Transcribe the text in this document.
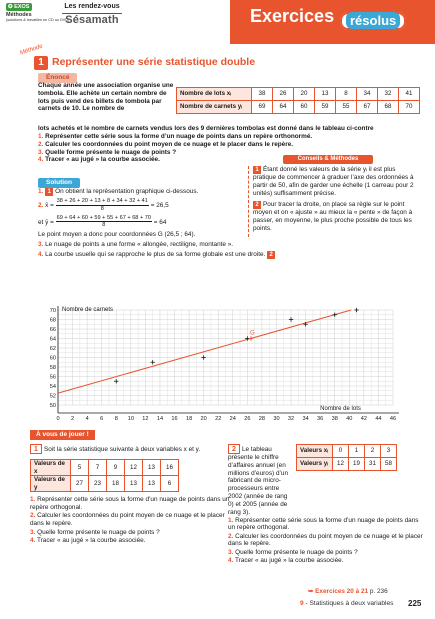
✪ EXOS
Méthodes
(solutions & travailles en CD ou DVD)
Les rendez-vous
Sésamath	Exercices	résolus
Méthode
1 Représenter une série statistique double
Énoncé
Chaque année une association organise une tombola. Elle achète un certain nombre de lots puis vend des billets de tombola par carnets de 10. Le nombre de
Nombre de lots xᵢ	38	26	20	13	8	34	32	41
Nombre de carnets yᵢ	69	64	60	59	55	67	68	70
lots achetés et le nombre de carnets vendus lors des 9 dernières tombolas est donné dans le tableau ci-contre
1. Représenter cette série sous la forme d’un nuage de points dans un repère orthonormé.
2. Calculer les coordonnées du point moyen de ce nuage et le placer dans le repère.
3. Quelle forme présente le nuage de points ?
4. Tracer « au jugé » la courbe associée.	Conseils & Méthodes
1 Étant donné les valeurs de la série yᵢ il est plus pratique de commencer à graduer l’axe des ordonnées à partir de 50, afin de garder une échelle (1 carreau pour 2 unités) suffisamment précise.
2 Pour tracer la droite, on place sa règle sur le point moyen et on « ajuste » au mieux la « pente » de façon à passer, en moyenne, le plus proche possible de tous les points.
Solution
1. 1 On obtient la représentation graphique ci-dessous.
2. x̄ = $\frac{38 + 26 + 20 + 13 + 8 + 34 + 32 + 41}{8} = 26,5$
et ȳ = $\frac{69 + 64 + 60 + 59 + 55 + 67 + 68 + 70}{8} = 64$
Le point moyen a donc pour coordonnées G (26,5 ; 64).
3. Le nuage de points a une forme « allongée, rectiligne, montante ».
4. La courbe usuelle qui se rapproche le plus de sa forme globale est une droite. 2
0 2 4 6 8 10 12 14 16 18 20 22 24 26 28 30 32 34 36 38 40 42 44 46
50
52
54
56
58
60
62
64
66
68
70
G
Nombre de carnets
Nombre de lots
À vous de jouer !
1 Soit la série statistique suivante à deux variables x et y.
Valeurs de x	5	7	9	12	13	16
Valeurs de y	27	23	18	13	13	6
1. Représenter cette série sous la forme d’un nuage de points dans un repère orthogonal.
2. Calculer les coordonnées du point moyen de ce nuage et le placer dans le repère.
3. Quelle forme présente le nuage de points ?
4. Tracer « au jugé » la courbe associée.
2 Le tableau présente le chiffre d’affaires annuel (en millions d’euros) d’un fabricant de micro-processeurs entre 2002 (année de rang 0) et 2005 (année de rang 3).
Valeurs xᵢ	0	1	2	3
Valeurs yᵢ	12	19	31	58
1. Représenter cette série sous la forme d’un nuage de points dans un repère orthogonal.
2. Calculer les coordonnées du point moyen de ce nuage et le placer dans le repère.
3. Quelle forme présente le nuage de points ?
4. Tracer « au jugé » la courbe associée.
➥ Exercices 20 à 21 p. 236
9 - Statistiques à deux variables 225
